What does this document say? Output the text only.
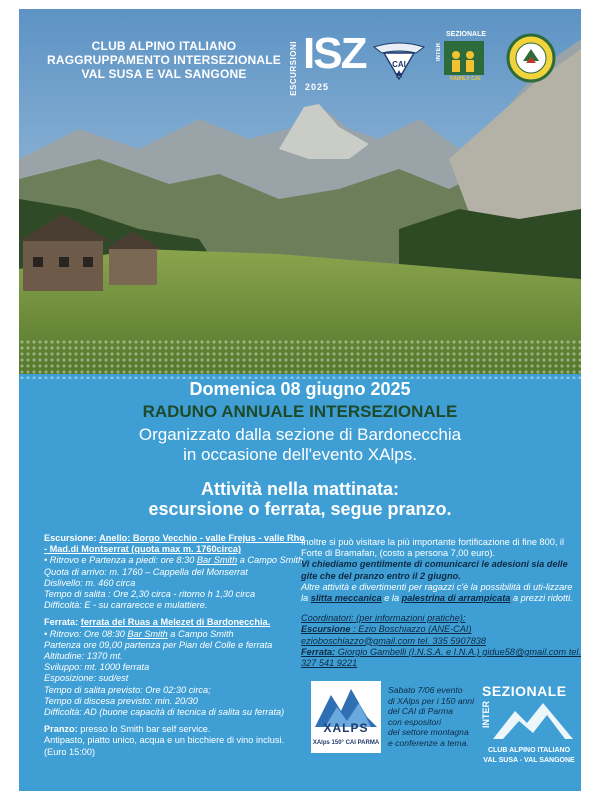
CLUB ALPINO ITALIANO
RAGGRUPPAMENTO INTERSEZIONALE
VAL SUSA E VAL SANGONE	ESCURSIONI ISZ
2025
CAI
SEZIONALE
INTER
FAMILY CAI
Domenica 08 giugno 2025
RADUNO ANNUALE INTERSEZIONALE
Organizzato dalla sezione di Bardonecchia
in occasione dell'evento XAlps.
Attività nella mattinata:
escursione o ferrata, segue pranzo.

Escursione: Anello: Borgo Vecchio - valle Frejus - valle Rho - Mad.di Montserrat (quota max m. 1760circa)

• Ritrovo e Partenza a piedi: ore 8:30 Bar Smith a Campo Smith

Quota di arrivo: m. 1760 – Cappella del Monserrat

Dislivello: m. 460 circa

Tempo di salita : Ore 2,30 circa - ritorno h 1,30 circa

Difficoltà: E - su carrarecce e mulattiere.

Ferrata: ferrata del Ruas a Melezet di Bardonecchia.

• Ritrovo: Ore 08:30 Bar Smith a Campo Smith

Partenza ore 09,00 partenza per Pian del Colle e ferrata

Altitudine: 1370 mt.

Sviluppo: mt. 1000 ferrata

Esposizione: sud/est

Tempo di salita previsto: Ore 02:30 circa;

Tempo di discesa previsto: min. 20/30

Difficoltà: AD (buone capacità di tecnica di salita su ferrata)

Pranzo: presso lo Smith bar self service.

Antipasto, piatto unico, acqua e un bicchiere di vino inclusi.

(Euro 15:00)

Inoltre si può visitare la più importante fortificazione di fine 800, il Forte di Bramafan, (costo a persona 7,00 euro).

Vi chiediamo gentilmente di comunicarci le adesioni sia delle gite che del pranzo entro il 2 giugno.

Altre attività e divertimenti per ragazzi c'è la possibilità di uti-lizzare la slitta meccanica e la palestrina di arrampicata a prezzi ridotti.

Coordinatori: (per informazioni pratiche):

Escursione : Ezio Boschiazzo (ANE-CAI) ezioboschiazzo@gmail.com tel. 335 5907838

Ferrata: Giorgio Gambelli (I.N.S.A. e I.N.A.) gidue58@gmail.com tel. 327 541 9221

XALPS
XAlps 150° CAI PARMA
Sabato 7/06 evento
di XAlps per i 150 anni
del CAI di Parma
con espositori
del settore montagna
e conferenze a tema.
SEZIONALE
INTER
CLUB ALPINO ITALIANO
VAL SUSA - VAL SANGONE
